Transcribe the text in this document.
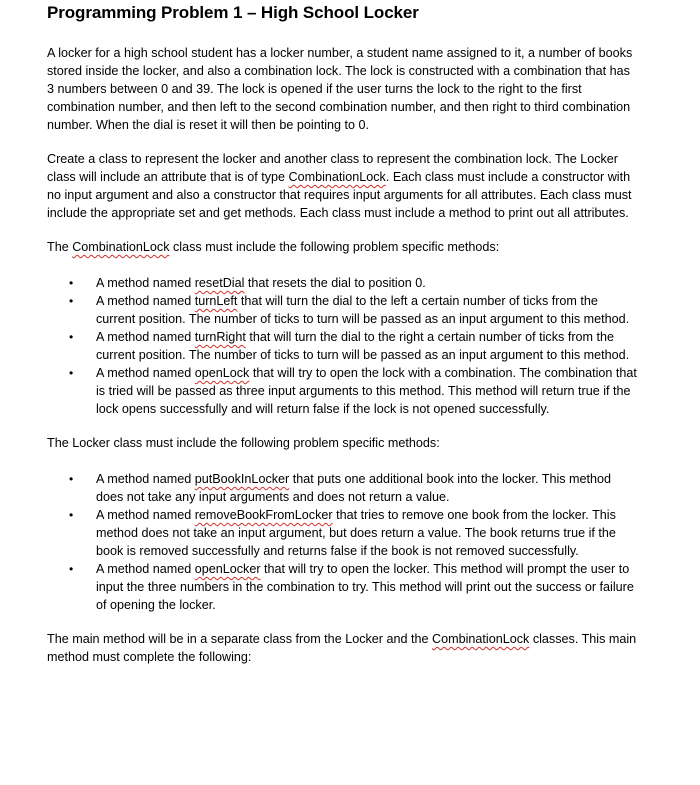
Programming Problem 1 – High School Locker

A locker for a high school student has a locker number, a student name assigned to it, a number of books stored inside the locker, and also a combination lock. The lock is constructed with a combination that has 3 numbers between 0 and 39. The lock is opened if the user turns the lock to the right to the first combination number, and then left to the second combination number, and then right to third combination number. When the dial is reset it will then be pointing to 0.

Create a class to represent the locker and another class to represent the combination lock. The Locker class will include an attribute that is of type CombinationLock. Each class must include a constructor with no input argument and also a constructor that requires input arguments for all attributes. Each class must include the appropriate set and get methods. Each class must include a method to print out all attributes.

The CombinationLock class must include the following problem specific methods:

• A method named resetDial that resets the dial to position 0.
• A method named turnLeft that will turn the dial to the left a certain number of ticks from the current position. The number of ticks to turn will be passed as an input argument to this method.
• A method named turnRight that will turn the dial to the right a certain number of ticks from the current position. The number of ticks to turn will be passed as an input argument to this method.
• A method named openLock that will try to open the lock with a combination. The combination that is tried will be passed as three input arguments to this method. This method will return true if the lock opens successfully and will return false if the lock is not opened successfully.

The Locker class must include the following problem specific methods:

• A method named putBookInLocker that puts one additional book into the locker. This method does not take any input arguments and does not return a value.
• A method named removeBookFromLocker that tries to remove one book from the locker. This method does not take an input argument, but does return a value. The book returns true if the book is removed successfully and returns false if the book is not removed successfully.
• A method named openLocker that will try to open the locker. This method will prompt the user to input the three numbers in the combination to try. This method will print out the success or failure of opening the locker.

The main method will be in a separate class from the Locker and the CombinationLock classes. This main method must complete the following:
